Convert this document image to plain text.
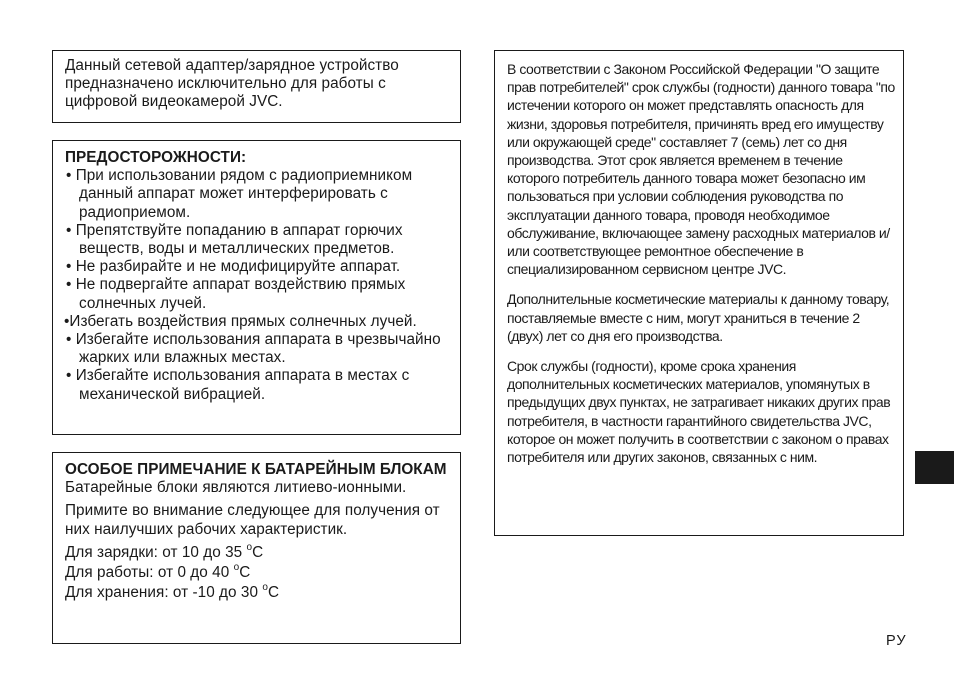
Данный сетевой адаптер/зарядное устройство предназначено исключительно для работы с цифровой видеокамерой JVC.

ПРЕДОСТОРОЖНОСТИ:

• При использовании рядом с радиоприемником данный аппарат может интерферировать с радиоприемом.

• Препятствуйте попаданию в аппарат горючих веществ, воды и металлических предметов.

• Не разбирайте и не модифицируйте аппарат.

• Не подвергайте аппарат воздействию прямых солнечных лучей.

•Избегать воздействия прямых солнечных лучей.

• Избегайте использования аппарата в чрезвычайно жарких или влажных местах.

• Избегайте использования аппарата в местах с механической вибрацией.

ОСОБОЕ ПРИМЕЧАНИЕ К БАТАРЕЙНЫМ БЛОКАМ

Батарейные блоки являются литиево-ионными.

Примите во внимание следующее для получения от них наилучших рабочих характеристик.

Для зарядки: от 10 до 35 $^o$C

Для работы: от 0 до 40 $^o$C

Для хранения: от -10 до 30 $^o$C

В соответствии с Законом Российской Федерации "О защите прав потребителей" срок службы (годности) данного товара "по истечении которого он может представлять опасность для жизни, здоровья потребителя, причинять вред его имуществу или окружающей среде" составляет 7 (семь) лет со дня производства. Этот срок является временем в течение которого потребитель данного товара может безопасно им пользоваться при условии соблюдения руководства по эксплуатации данного товара, проводя необходимое обслуживание, включающее замену расходных материалов и/или соответствующее ремонтное обеспечение в специализированном сервисном центре JVC.

Дополнительные косметические материалы к данному товару, поставляемые вместе с ним, могут храниться в течение 2 (двух) лет со дня его производства.

Срок службы (годности), кроме срока хранения дополнительных косметических материалов, упомянутых в предыдущих двух пунктах, не затрагивает никаких других прав потребителя, в частности гарантийного свидетельства JVC, которое он может получить в соответствии с законом о правах потребителя или других законов, связанных с ним.

РУ
